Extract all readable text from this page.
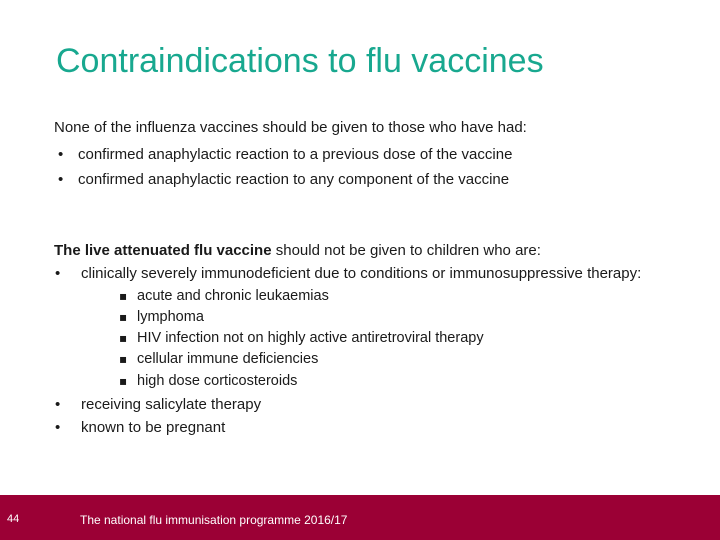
Contraindications to flu vaccines
None of the influenza vaccines should be given to those who have had:
• confirmed anaphylactic reaction to a previous dose of the vaccine
• confirmed anaphylactic reaction to any component of the vaccine
The live attenuated flu vaccine should not be given to children who are:
• clinically severely immunodeficient due to conditions or immunosuppressive therapy:
▪ acute and chronic leukaemias
▪ lymphoma
▪ HIV infection not on highly active antiretroviral therapy
▪ cellular immune deficiencies
▪ high dose corticosteroids
• receiving salicylate therapy
• known to be pregnant
44	The national flu immunisation programme 2016/17
